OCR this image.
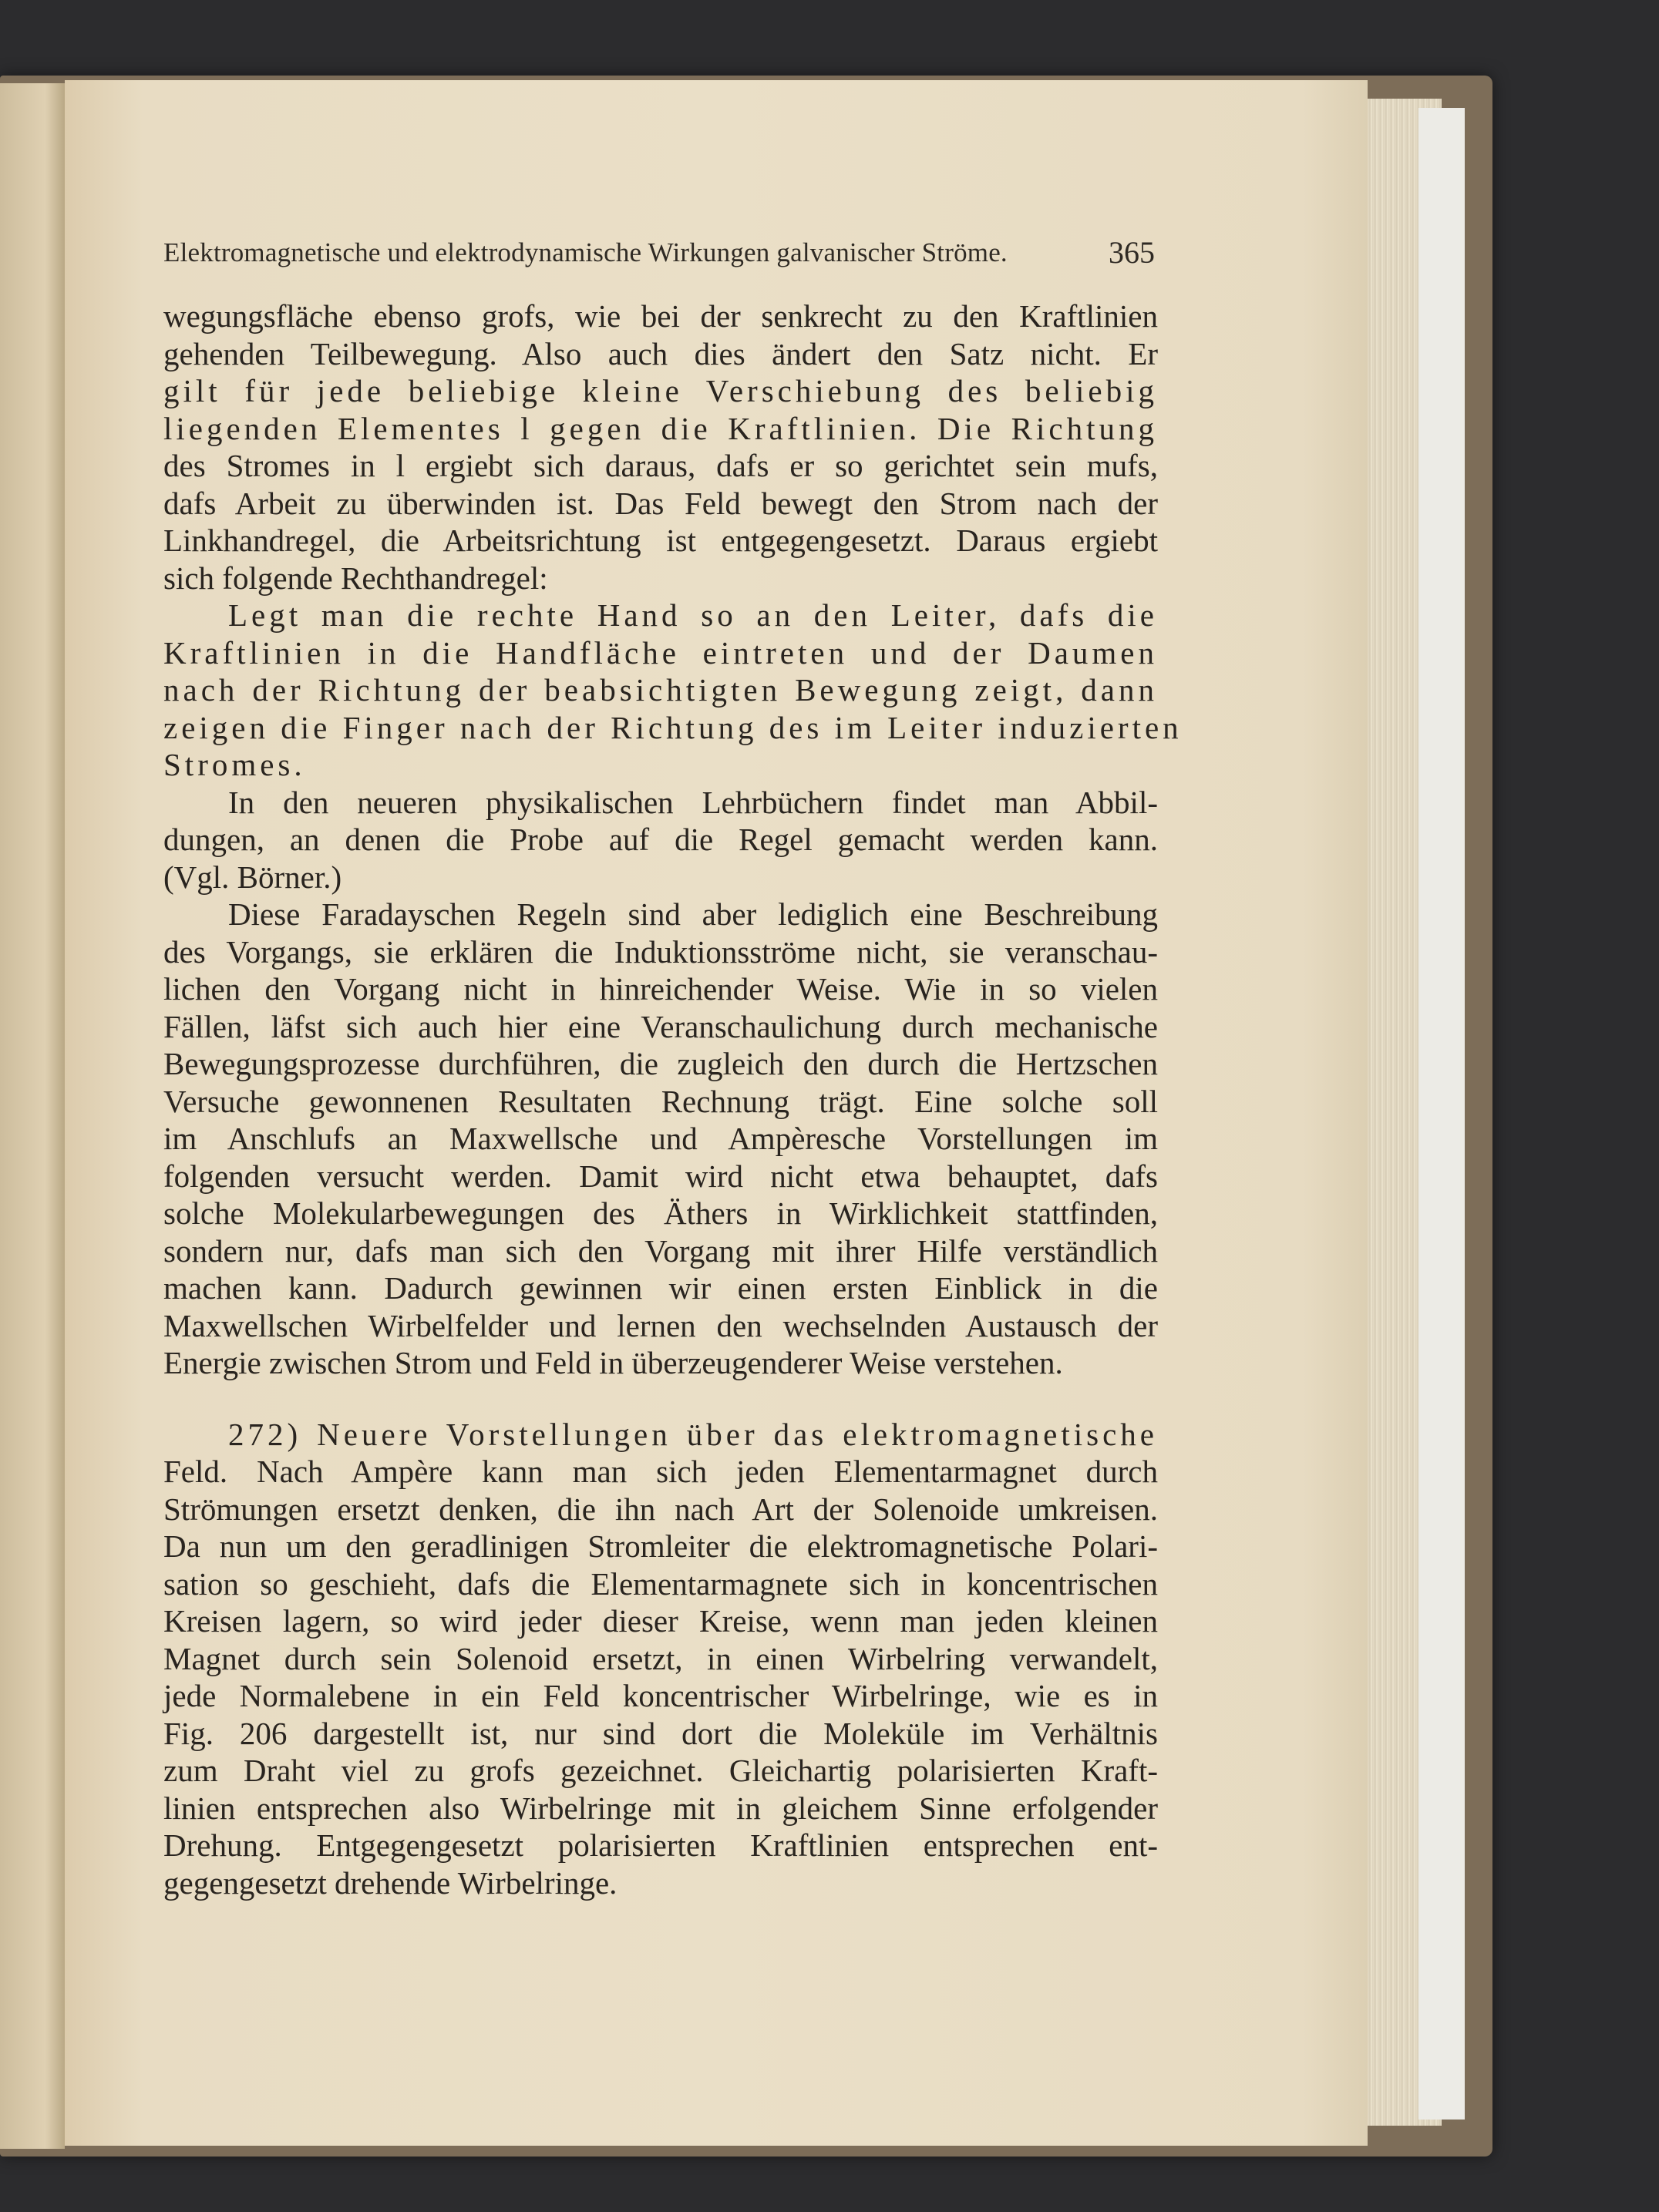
Elektromagnetische und elektrodynamische Wirkungen galvanischer Ströme.	365
wegungsfläche ebenso grofs, wie bei der senkrecht zu den Kraftlinien
gehenden Teilbewegung. Also auch dies ändert den Satz nicht. Er
gilt für jede beliebige kleine Verschiebung des beliebig
liegenden Elementes l gegen die Kraftlinien. Die Richtung
des Stromes in l ergiebt sich daraus, dafs er so gerichtet sein mufs,
dafs Arbeit zu überwinden ist. Das Feld bewegt den Strom nach der
Linkhandregel, die Arbeitsrichtung ist entgegengesetzt. Daraus ergiebt
sich folgende Rechthandregel:
Legt man die rechte Hand so an den Leiter, dafs die
Kraftlinien in die Handfläche eintreten und der Daumen
nach der Richtung der beabsichtigten Bewegung zeigt, dann
zeigen die Finger nach der Richtung des im Leiter induzierten
Stromes.
In den neueren physikalischen Lehrbüchern findet man Abbil-
dungen, an denen die Probe auf die Regel gemacht werden kann.
(Vgl. Börner.)
Diese Faradayschen Regeln sind aber lediglich eine Beschreibung
des Vorgangs, sie erklären die Induktionsströme nicht, sie veranschau-
lichen den Vorgang nicht in hinreichender Weise. Wie in so vielen
Fällen, läfst sich auch hier eine Veranschaulichung durch mechanische
Bewegungsprozesse durchführen, die zugleich den durch die Hertzschen
Versuche gewonnenen Resultaten Rechnung trägt. Eine solche soll
im Anschlufs an Maxwellsche und Ampèresche Vorstellungen im
folgenden versucht werden. Damit wird nicht etwa behauptet, dafs
solche Molekularbewegungen des Äthers in Wirklichkeit stattfinden,
sondern nur, dafs man sich den Vorgang mit ihrer Hilfe verständlich
machen kann. Dadurch gewinnen wir einen ersten Einblick in die
Maxwellschen Wirbelfelder und lernen den wechselnden Austausch der
Energie zwischen Strom und Feld in überzeugenderer Weise verstehen.
272) Neuere Vorstellungen über das elektromagnetische
Feld. Nach Ampère kann man sich jeden Elementarmagnet durch
Strömungen ersetzt denken, die ihn nach Art der Solenoide umkreisen.
Da nun um den geradlinigen Stromleiter die elektromagnetische Polari-
sation so geschieht, dafs die Elementarmagnete sich in koncentrischen
Kreisen lagern, so wird jeder dieser Kreise, wenn man jeden kleinen
Magnet durch sein Solenoid ersetzt, in einen Wirbelring verwandelt,
jede Normalebene in ein Feld koncentrischer Wirbelringe, wie es in
Fig. 206 dargestellt ist, nur sind dort die Moleküle im Verhältnis
zum Draht viel zu grofs gezeichnet. Gleichartig polarisierten Kraft-
linien entsprechen also Wirbelringe mit in gleichem Sinne erfolgender
Drehung. Entgegengesetzt polarisierten Kraftlinien entsprechen ent-
gegengesetzt drehende Wirbelringe.
